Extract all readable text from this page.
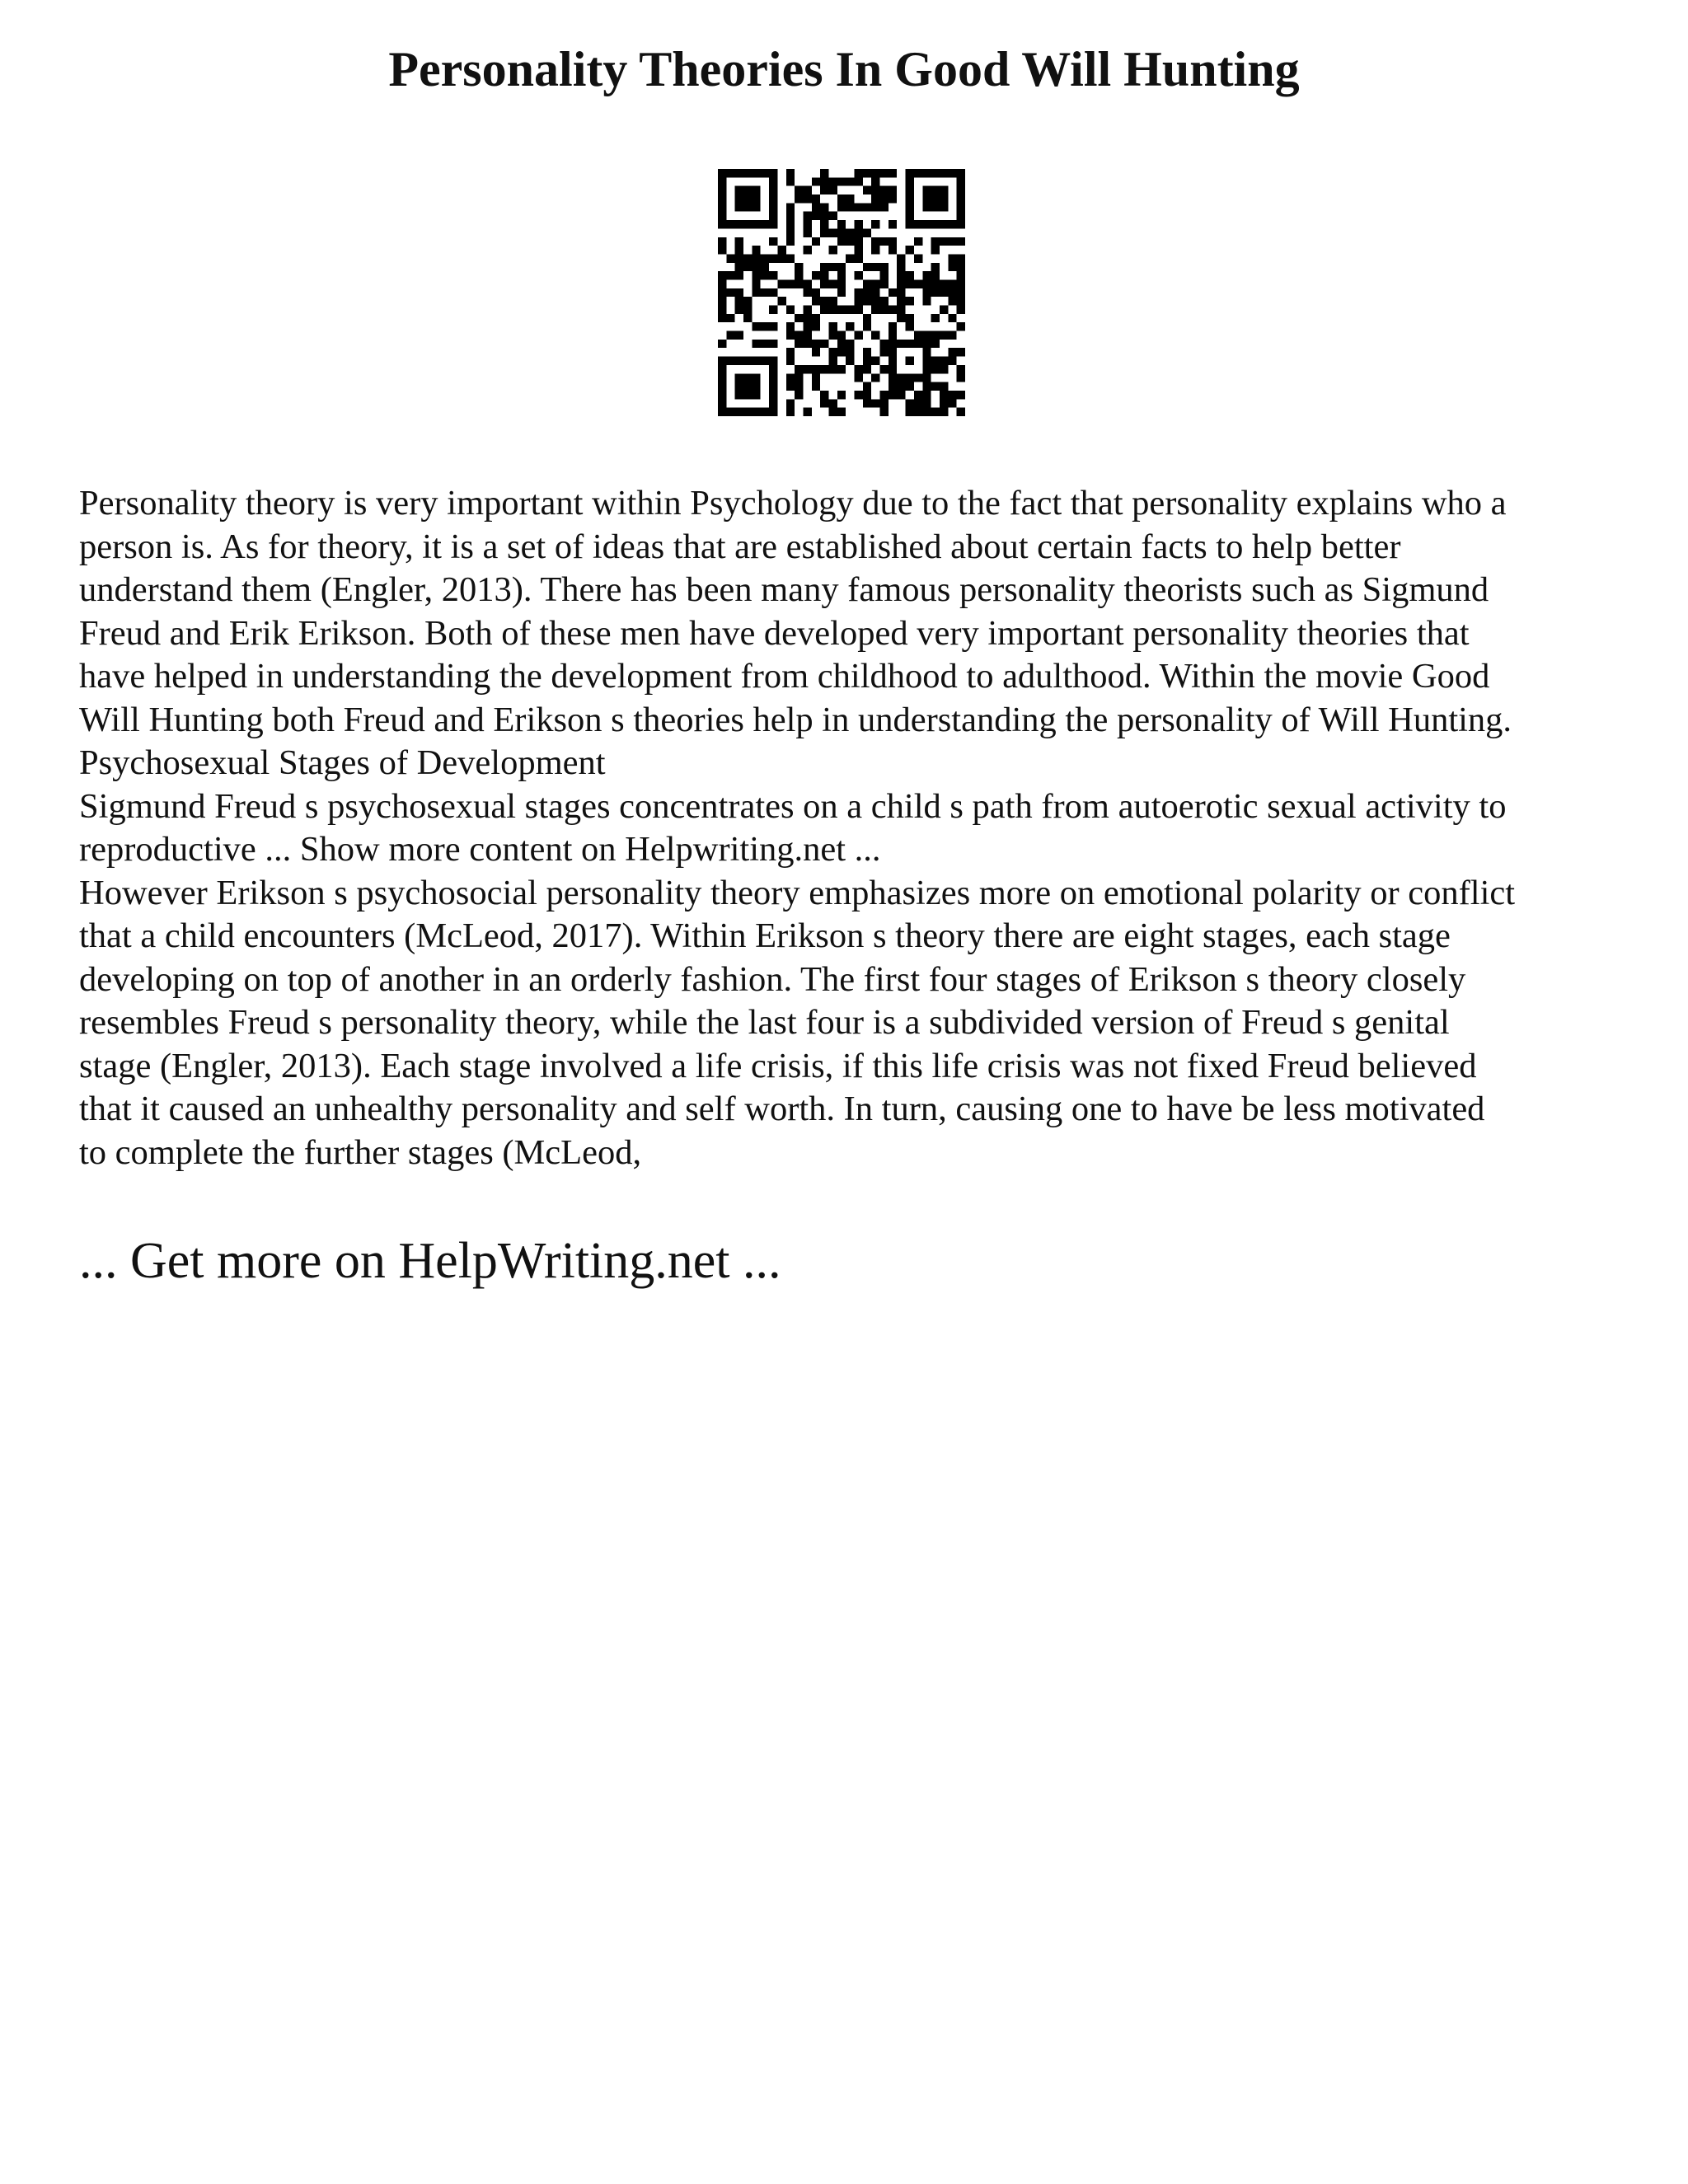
Personality Theories In Good Will Hunting
Personality theory is very important within Psychology due to the fact that personality explains who a
person is. As for theory, it is a set of ideas that are established about certain facts to help better
understand them (Engler, 2013). There has been many famous personality theorists such as Sigmund
Freud and Erik Erikson. Both of these men have developed very important personality theories that
have helped in understanding the development from childhood to adulthood. Within the movie Good
Will Hunting both Freud and Erikson s theories help in understanding the personality of Will Hunting.
Psychosexual Stages of Development
Sigmund Freud s psychosexual stages concentrates on a child s path from autoerotic sexual activity to
reproductive ... Show more content on Helpwriting.net ...
However Erikson s psychosocial personality theory emphasizes more on emotional polarity or conflict
that a child encounters (McLeod, 2017). Within Erikson s theory there are eight stages, each stage
developing on top of another in an orderly fashion. The first four stages of Erikson s theory closely
resembles Freud s personality theory, while the last four is a subdivided version of Freud s genital
stage (Engler, 2013). Each stage involved a life crisis, if this life crisis was not fixed Freud believed
that it caused an unhealthy personality and self worth. In turn, causing one to have be less motivated
to complete the further stages (McLeod,
... Get more on HelpWriting.net ...
